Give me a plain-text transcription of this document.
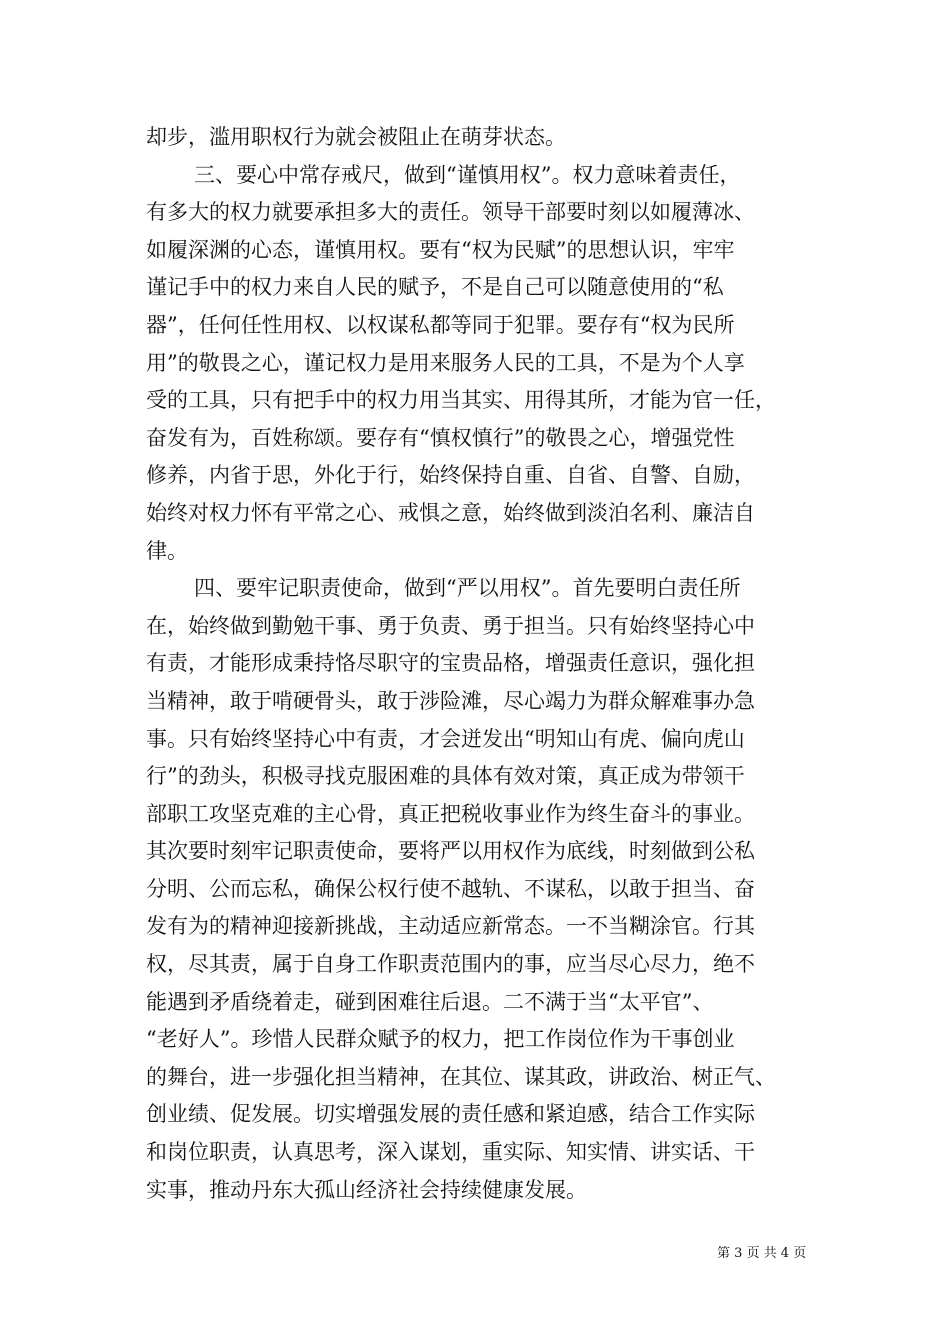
却步，滥用职权行为就会被阻止在萌芽状态。
三、要心中常存戒尺，做到“谨慎用权”。权力意味着责任，
有多大的权力就要承担多大的责任。领导干部要时刻以如履薄冰、
如履深渊的心态，谨慎用权。要有“权为民赋”的思想认识，牢牢
谨记手中的权力来自人民的赋予，不是自己可以随意使用的“私
器”，任何任性用权、以权谋私都等同于犯罪。要存有“权为民所
用”的敬畏之心，谨记权力是用来服务人民的工具，不是为个人享
受的工具，只有把手中的权力用当其实、用得其所，才能为官一任，
奋发有为，百姓称颂。要存有“慎权慎行”的敬畏之心，增强党性
修养，内省于思，外化于行，始终保持自重、自省、自警、自励，
始终对权力怀有平常之心、戒惧之意，始终做到淡泊名利、廉洁自
律。
四、要牢记职责使命，做到“严以用权”。首先要明白责任所
在，始终做到勤勉干事、勇于负责、勇于担当。只有始终坚持心中
有责，才能形成秉持恪尽职守的宝贵品格，增强责任意识，强化担
当精神，敢于啃硬骨头，敢于涉险滩，尽心竭力为群众解难事办急
事。只有始终坚持心中有责，才会迸发出“明知山有虎、偏向虎山
行”的劲头，积极寻找克服困难的具体有效对策，真正成为带领干
部职工攻坚克难的主心骨，真正把税收事业作为终生奋斗的事业。
其次要时刻牢记职责使命，要将严以用权作为底线，时刻做到公私
分明、公而忘私，确保公权行使不越轨、不谋私，以敢于担当、奋
发有为的精神迎接新挑战，主动适应新常态。一不当糊涂官。行其
权，尽其责，属于自身工作职责范围内的事，应当尽心尽力，绝不
能遇到矛盾绕着走，碰到困难往后退。二不满于当“太平官”、
“老好人”。珍惜人民群众赋予的权力，把工作岗位作为干事创业
的舞台，进一步强化担当精神，在其位、谋其政，讲政治、树正气、
创业绩、促发展。切实增强发展的责任感和紧迫感，结合工作实际
和岗位职责，认真思考，深入谋划，重实际、知实情、讲实话、干
实事，推动丹东大孤山经济社会持续健康发展。
第 3 页 共 4 页
